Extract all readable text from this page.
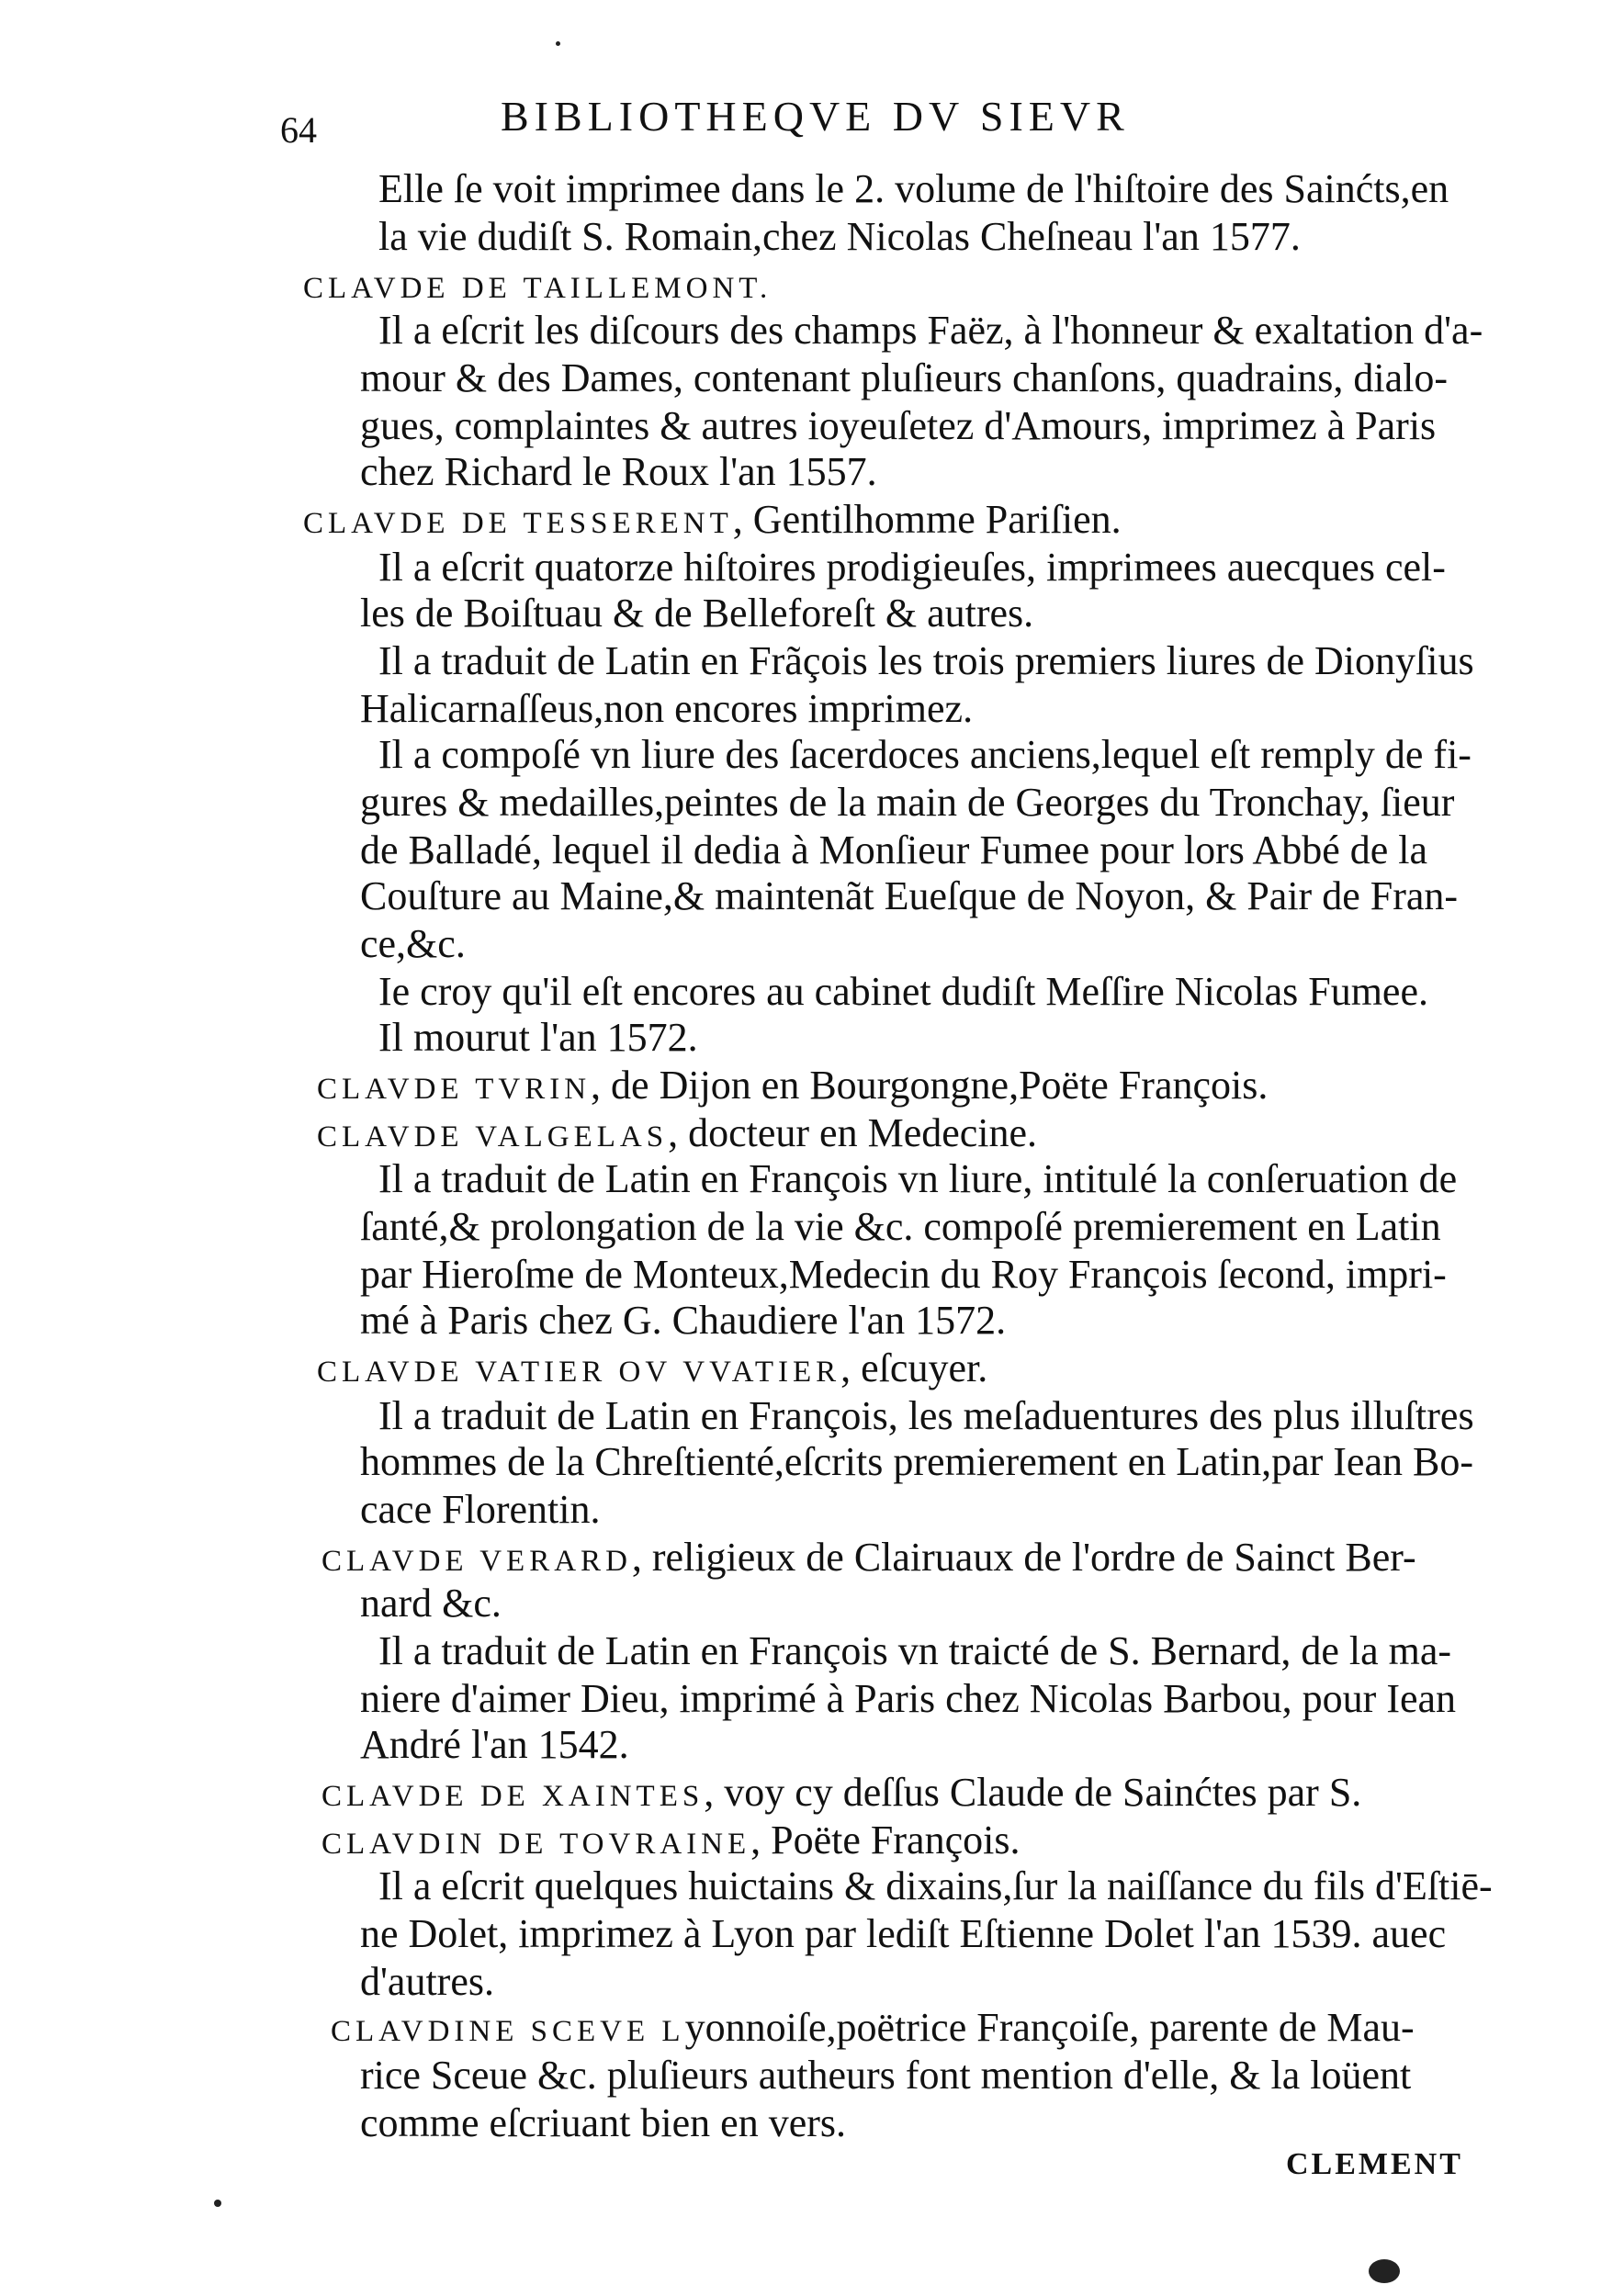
64	BIBLIOTHEQVE DV SIEVR
Elle ſe voit imprimee dans le 2. volume de l'hiſtoire des Sainćts,en
la vie dudiſt S. Romain,chez Nicolas Cheſneau l'an 1577.
CLAVDE DE TAILLEMONT.
Il a eſcrit les diſcours des champs Faëz, à l'honneur & exaltation d'a-
mour & des Dames, contenant pluſieurs chanſons, quadrains, dialo-
gues, complaintes & autres ioyeuſetez d'Amours, imprimez à Paris
chez Richard le Roux l'an 1557.
CLAVDE DE TESSERENT, Gentilhomme Pariſien.
Il a eſcrit quatorze hiſtoires prodigieuſes, imprimees auecques cel-
les de Boiſtuau & de Belleforeſt & autres.
Il a traduit de Latin en Frãçois les trois premiers liures de Dionyſius
Halicarnaſſeus,non encores imprimez.
Il a compoſé vn liure des ſacerdoces anciens,lequel eſt remply de fi-
gures & medailles,peintes de la main de Georges du Tronchay, ſieur
de Balladé, lequel il dedia à Monſieur Fumee pour lors Abbé de la
Couſture au Maine,& maintenãt Eueſque de Noyon, & Pair de Fran-
ce,&c.
Ie croy qu'il eſt encores au cabinet dudiſt Meſſire Nicolas Fumee.
Il mourut l'an 1572.
CLAVDE TVRIN, de Dijon en Bourgongne,Poëte François.
CLAVDE VALGELAS, docteur en Medecine.
Il a traduit de Latin en François vn liure, intitulé la conſeruation de
ſanté,& prolongation de la vie &c. compoſé premierement en Latin
par Hieroſme de Monteux,Medecin du Roy François ſecond, impri-
mé à Paris chez G. Chaudiere l'an 1572.
CLAVDE VATIER OV VVATIER, eſcuyer.
Il a traduit de Latin en François, les meſaduentures des plus illuſtres
hommes de la Chreſtienté,eſcrits premierement en Latin,par Iean Bo-
cace Florentin.
CLAVDE VERARD, religieux de Clairuaux de l'ordre de Sainct Ber-
nard &c.
Il a traduit de Latin en François vn traicté de S. Bernard, de la ma-
niere d'aimer Dieu, imprimé à Paris chez Nicolas Barbou, pour Iean
André l'an 1542.
CLAVDE DE XAINTES, voy cy deſſus Claude de Sainćtes par S.
CLAVDIN DE TOVRAINE, Poëte François.
Il a eſcrit quelques huictains & dixains,ſur la naiſſance du fils d'Eſtiē-
ne Dolet, imprimez à Lyon par lediſt Eſtienne Dolet l'an 1539. auec
d'autres.
CLAVDINE SCEVE Lyonnoiſe,poëtrice Françoiſe, parente de Mau-
rice Sceue &c. pluſieurs autheurs font mention d'elle, & la loüent
comme eſcriuant bien en vers.
CLEMENT
